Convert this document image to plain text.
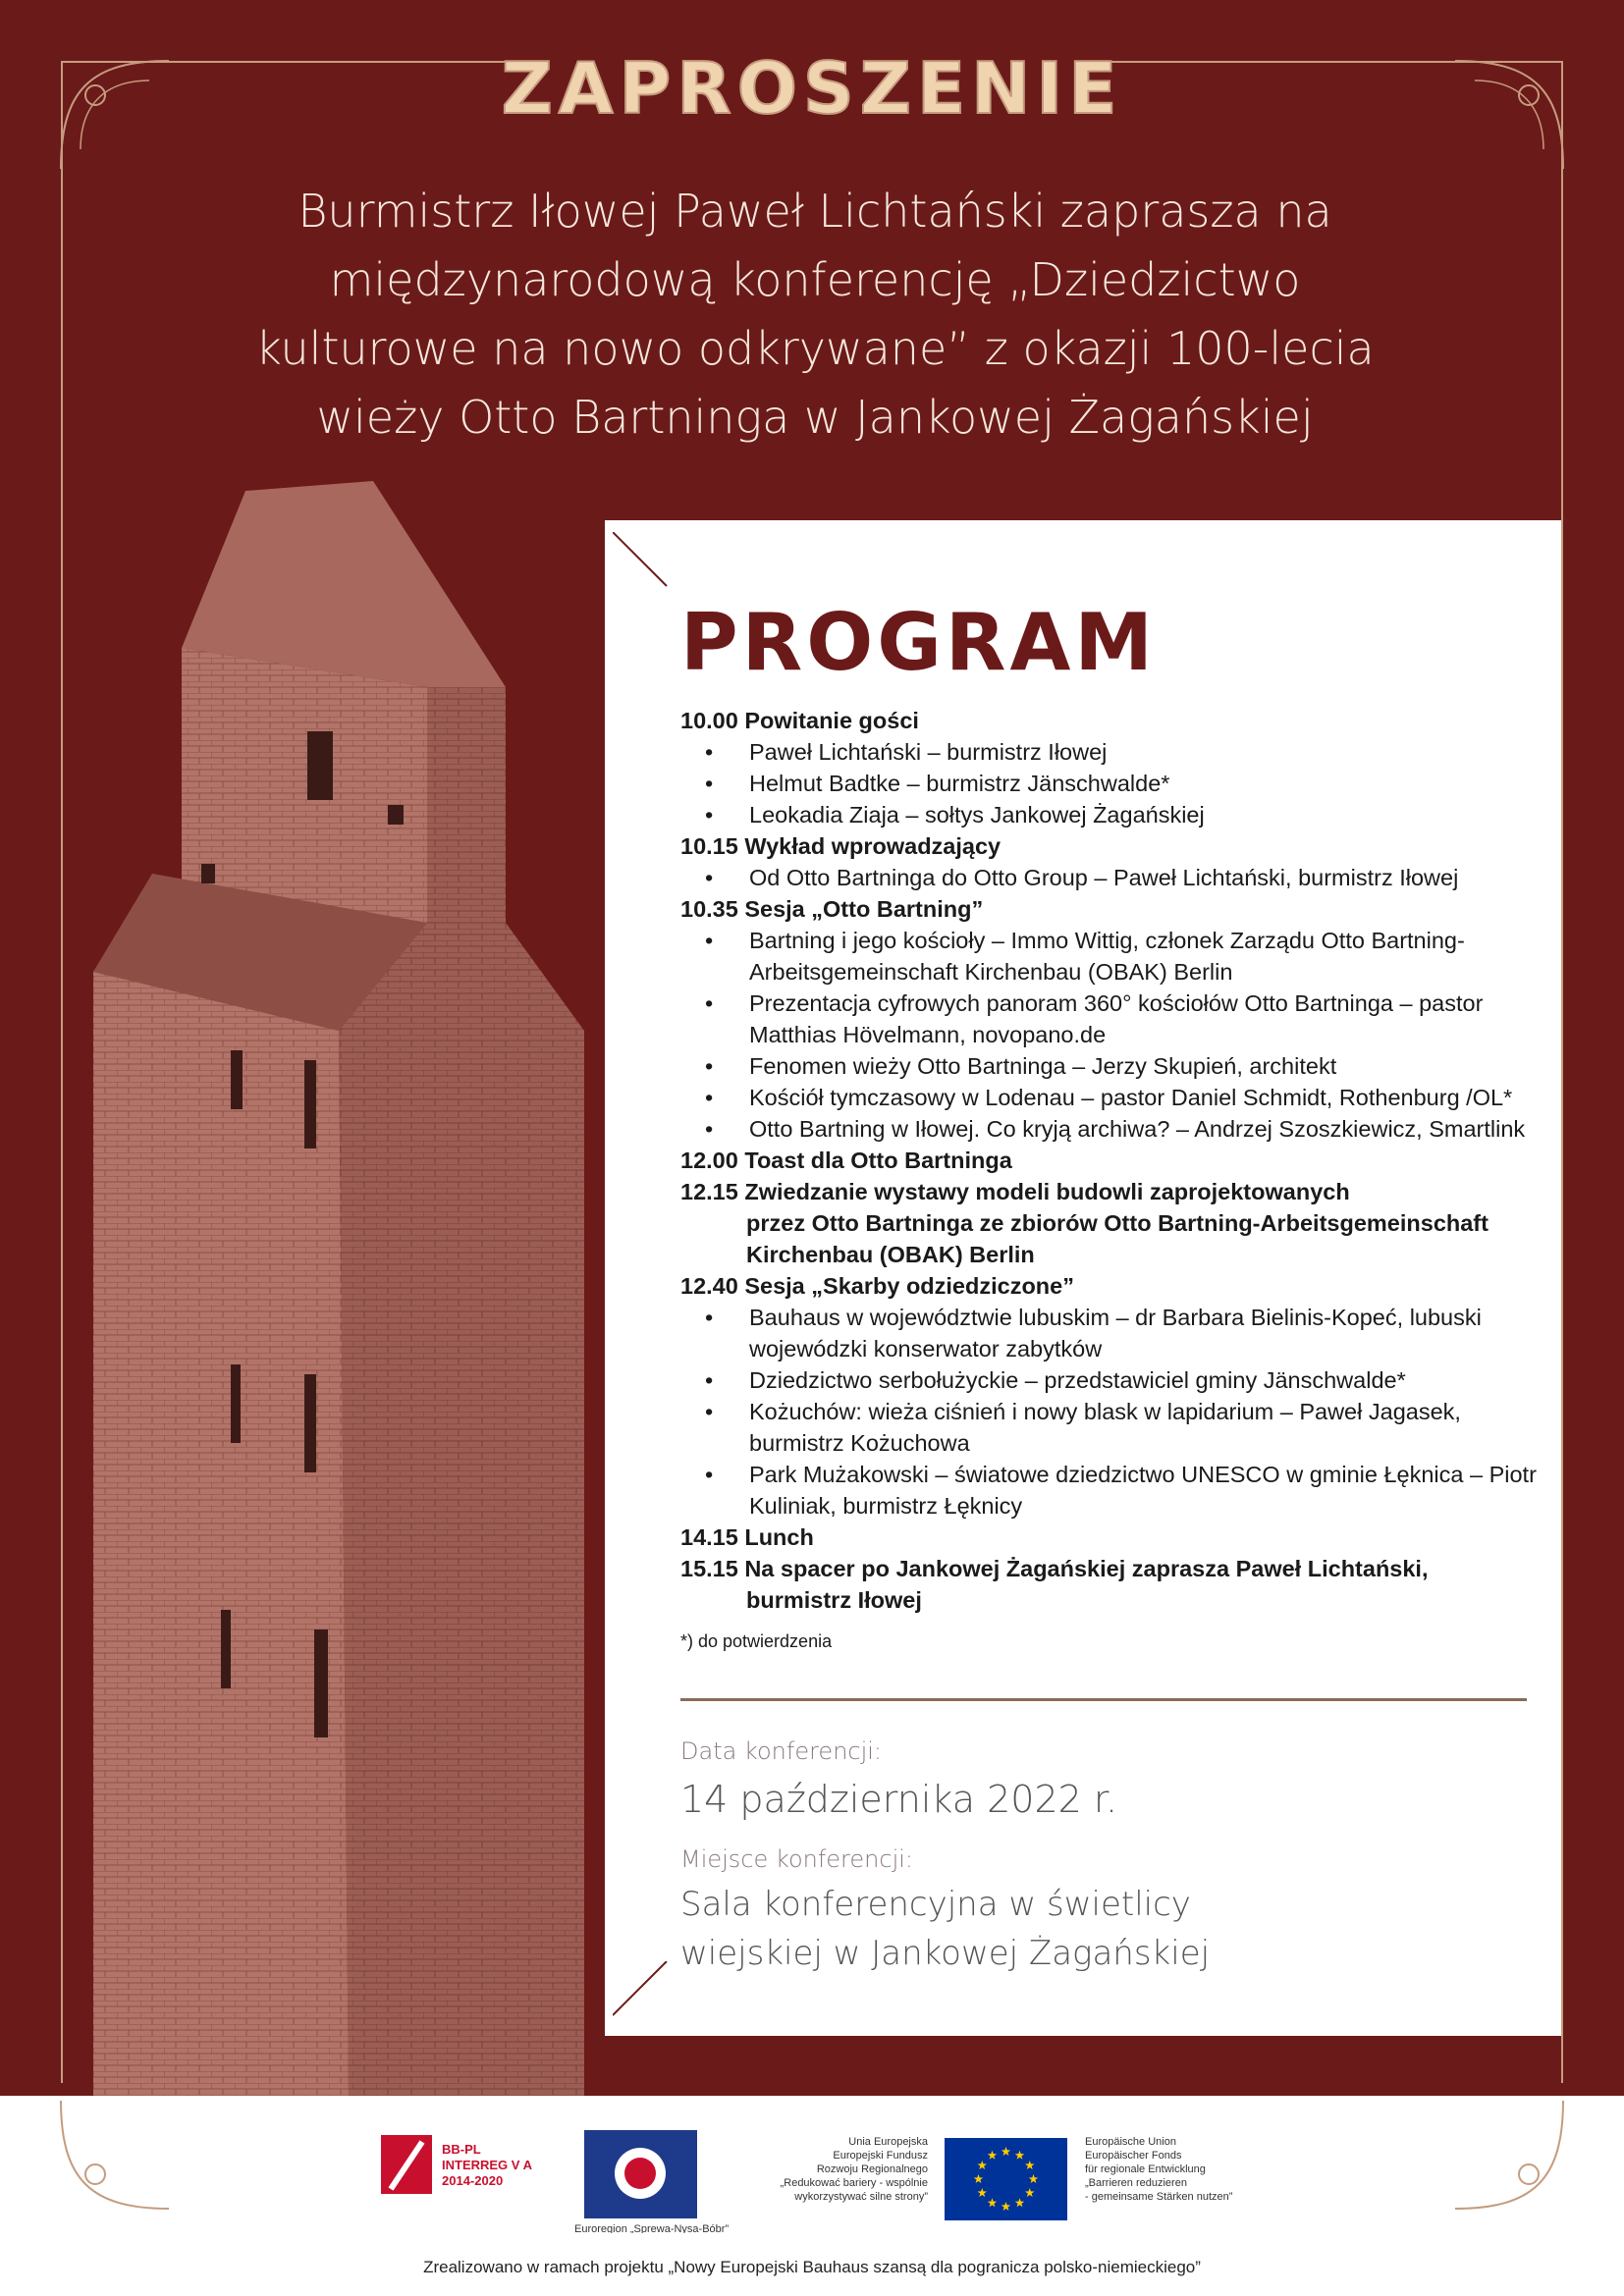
ZAPROSZENIE
Burmistrz Iłowej Paweł Lichtański zaprasza na
międzynarodową konferencję „Dziedzictwo
kulturowe na nowo odkrywane” z okazji 100-lecia
wieży Otto Bartninga w Jankowej Żagańskiej
PROGRAM
10.00 Powitanie gości
• Paweł Lichtański – burmistrz Iłowej
• Helmut Badtke – burmistrz Jänschwalde*
• Leokadia Ziaja – sołtys Jankowej Żagańskiej
10.15 Wykład wprowadzający
• Od Otto Bartninga do Otto Group – Paweł Lichtański, burmistrz Iłowej
10.35 Sesja „Otto Bartning”
• Bartning i jego kościoły – Immo Wittig, członek Zarządu Otto Bartning-Arbeitsgemeinschaft Kirchenbau (OBAK) Berlin
• Prezentacja cyfrowych panoram 360° kościołów Otto Bartninga – pastor Matthias Hövelmann, novopano.de
• Fenomen wieży Otto Bartninga – Jerzy Skupień, architekt
• Kościół tymczasowy w Lodenau – pastor Daniel Schmidt, Rothenburg /OL*
• Otto Bartning w Iłowej. Co kryją archiwa? – Andrzej Szoszkiewicz, Smartlink
12.00 Toast dla Otto Bartninga
12.15 Zwiedzanie wystawy modeli budowli zaprojektowanych
przez Otto Bartninga ze zbiorów Otto Bartning-Arbeitsgemeinschaft
Kirchenbau (OBAK) Berlin
12.40 Sesja „Skarby odziedziczone”
• Bauhaus w województwie lubuskim – dr Barbara Bielinis-Kopeć, lubuski wojewódzki konserwator zabytków
• Dziedzictwo serbołużyckie – przedstawiciel gminy Jänschwalde*
• Kożuchów: wieża ciśnień i nowy blask w lapidarium – Paweł Jagasek, burmistrz Kożuchowa
• Park Mużakowski – światowe dziedzictwo UNESCO w gminie Łęknica – Piotr Kuliniak, burmistrz Łęknicy
14.15 Lunch
15.15 Na spacer po Jankowej Żagańskiej zaprasza Paweł Lichtański,
burmistrz Iłowej
*) do potwierdzenia
Data konferencji:
14 października 2022 r.
Miejsce konferencji:
Sala konferencyjna w świetlicy
wiejskiej w Jankowej Żagańskiej
BB-PL
INTERREG V A
2014-2020
Euroregion „Sprewa-Nysa-Bóbr”
Unia Europejska
Europejski Fundusz
Rozwoju Regionalnego
„Redukować bariery - wspólnie
wykorzystywać silne strony”
Europäische Union
Europäischer Fonds
für regionale Entwicklung
„Barrieren reduzieren
- gemeinsame Stärken nutzen”
Zrealizowano w ramach projektu „Nowy Europejski Bauhaus szansą dla pogranicza polsko-niemieckiego”
